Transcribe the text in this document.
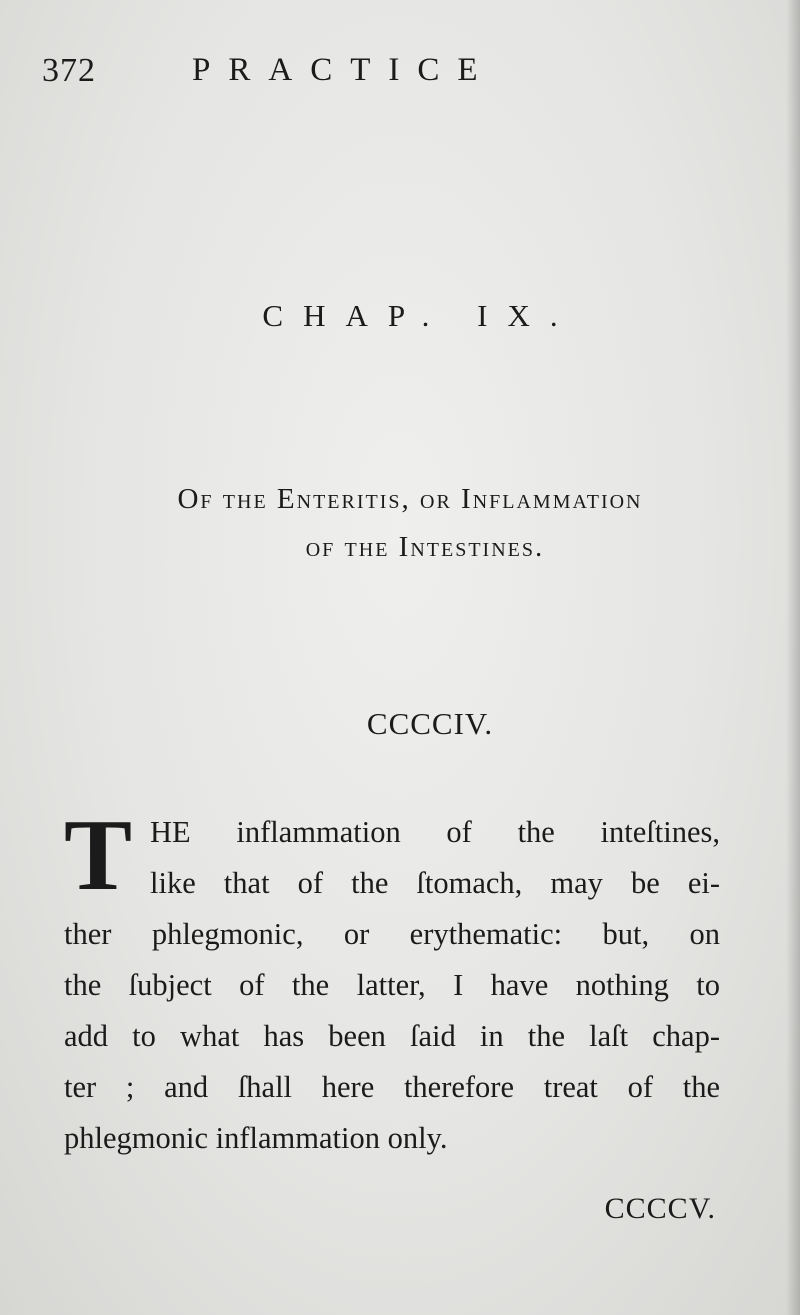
372	PRACTICE
CHAP. IX.
Of the Enteritis, or Inflammation
of the Intestines.
CCCCIV.
T HE inflammation of the inteſtines,
like that of the ſtomach, may be ei-
ther phlegmonic, or erythematic: but, on
the ſubject of the latter, I have nothing to
add to what has been ſaid in the laſt chap-
ter ; and ſhall here therefore treat of the
phlegmonic inflammation only.
CCCCV.
